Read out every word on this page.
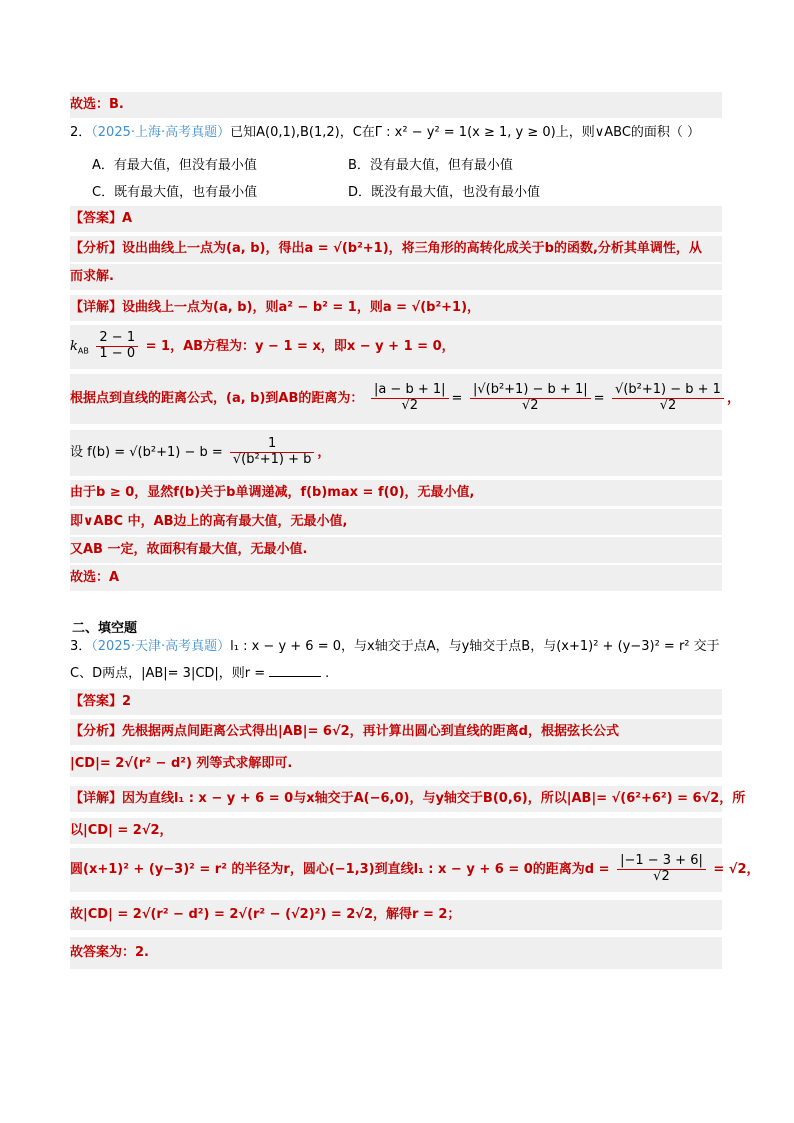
故选：B.
2．（2025·上海·高考真题）已知A(0,1),B(1,2)，C在Γ : x² − y² = 1(x ≥ 1, y ≥ 0)上，则∨ABC的面积（ ）
A．有最大值，但没有最小值	B．没有最大值，但有最小值
C．既有最大值，也有最小值	D．既没有最大值，也没有最小值
【答案】A
【分析】设出曲线上一点为(a, b)，得出a = √(b²+1)，将三角形的高转化成关于b的函数,分析其单调性，从
而求解.
【详解】设曲线上一点为(a, b)，则a² − b² = 1，则a = √(b²+1)，
$k_{AB} \frac{2 - 1}{1 - 0} = 1$，AB方程为：y − 1 = x，即x − y + 1 = 0，
根据点到直线的距离公式，(a, b)到AB的距离为： $\frac{|a - b + 1|}{√2} = \frac{\text{|√(b²+1) − b + 1|}}{√2} = \frac{\text{√(b²+1) − b + 1}}{√2}$ ，
设 $f(b) = √(b^2+1) - b = \frac{1}{\text{√(b²+1) + b}}$ ，
由于b ≥ 0，显然f(b)关于b单调递减，f(b)max = f(0)，无最小值,
即∨ABC 中，AB边上的高有最大值，无最小值,
又AB 一定，故面积有最大值，无最小值.
故选：A
二、填空题
3．（2025·天津·高考真题）l₁ : x − y + 6 = 0，与x轴交于点A，与y轴交于点B，与(x+1)² + (y−3)² = r² 交于
C、D两点，|AB|= 3|CD|，则r =	.
【答案】2
【分析】先根据两点间距离公式得出|AB|= 6√2，再计算出圆心到直线的距离d，根据弦长公式
|CD|= 2√(r² − d²) 列等式求解即可.
【详解】因为直线l₁ : x − y + 6 = 0与x轴交于A(−6,0)，与y轴交于B(0,6)，所以|AB|= √(6²+6²) = 6√2，所
以|CD| = 2√2，
圆(x+1)² + (y−3)² = r² 的半径为r，圆心(−1,3)到直线l₁ : x − y + 6 = 0的距离为$d = \frac{|-1 - 3 + 6|}{√2} = √2$，
故|CD| = 2√(r² − d²) = 2√(r² − (√2)²) = 2√2，解得r = 2；
故答案为：2.
